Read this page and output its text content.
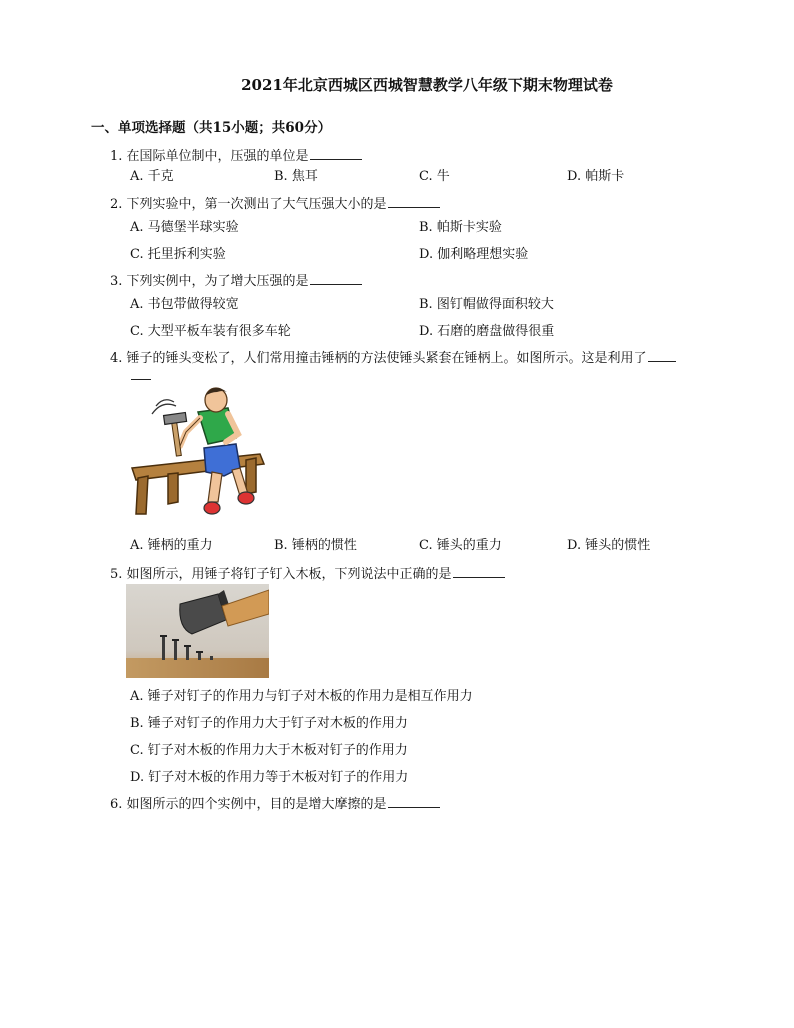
2021年北京西城区西城智慧教学八年级下期末物理试卷
一、单项选择题（共15小题；共60分）
1. 在国际单位制中，压强的单位是
A. 千克	B. 焦耳	C. 牛	D. 帕斯卡
2. 下列实验中，第一次测出了大气压强大小的是
A. 马德堡半球实验	B. 帕斯卡实验
C. 托里拆利实验	D. 伽利略理想实验
3. 下列实例中，为了增大压强的是
A. 书包带做得较宽	B. 图钉帽做得面积较大
C. 大型平板车装有很多车轮	D. 石磨的磨盘做得很重
4. 锤子的锤头变松了，人们常用撞击锤柄的方法使锤头紧套在锤柄上。如图所示。这是利用了
A. 锤柄的重力	B. 锤柄的惯性	C. 锤头的重力	D. 锤头的惯性
5. 如图所示，用锤子将钉子钉入木板，下列说法中正确的是
A. 锤子对钉子的作用力与钉子对木板的作用力是相互作用力
B. 锤子对钉子的作用力大于钉子对木板的作用力
C. 钉子对木板的作用力大于木板对钉子的作用力
D. 钉子对木板的作用力等于木板对钉子的作用力
6. 如图所示的四个实例中，目的是增大摩擦的是
